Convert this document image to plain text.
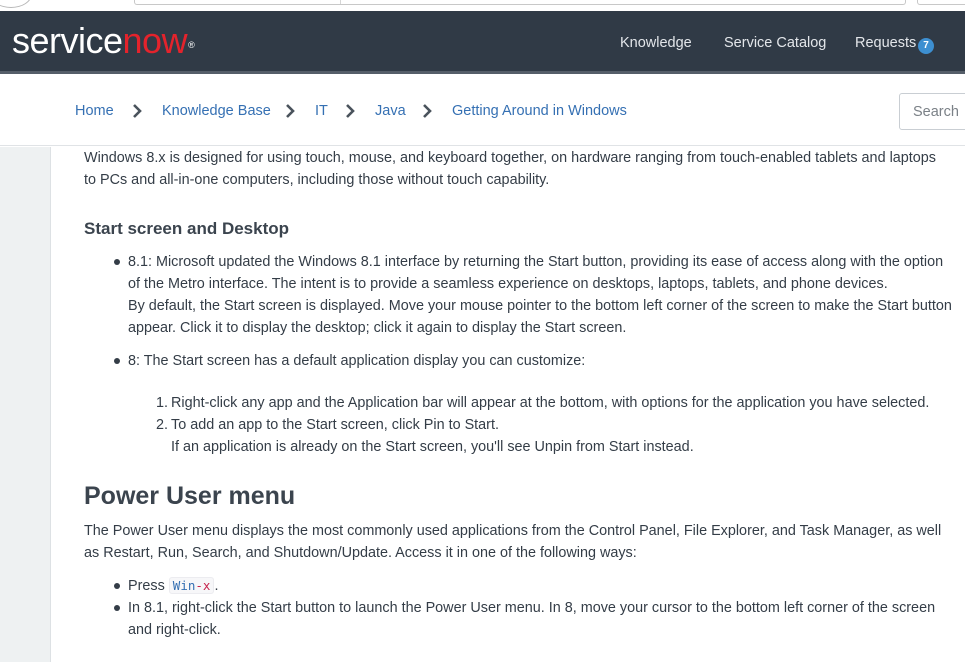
servicenow®	Knowledge Service Catalog Requests 7
Home	Knowledge Base	IT	Java	Getting Around in Windows
Search

Windows 8.x is designed for using touch, mouse, and keyboard together, on hardware ranging from touch-enabled tablets and laptops to PCs and all-in-one computers, including those without touch capability.

Start screen and Desktop
8.1: Microsoft updated the Windows 8.1 interface by returning the Start button, providing its ease of access along with the option of the Metro interface. The intent is to provide a seamless experience on desktops, laptops, tablets, and phone devices.
By default, the Start screen is displayed. Move your mouse pointer to the bottom left corner of the screen to make the Start button appear. Click it to display the desktop; click it again to display the Start screen.
8: The Start screen has a default application display you can customize:
1. Right-click any app and the Application bar will appear at the bottom, with options for the application you have selected.
2. To add an app to the Start screen, click Pin to Start.
If an application is already on the Start screen, you'll see Unpin from Start instead.
Power User menu

The Power User menu displays the most commonly used applications from the Control Panel, File Explorer, and Task Manager, as well as Restart, Run, Search, and Shutdown/Update. Access it in one of the following ways:

Press Win-x .
In 8.1, right-click the Start button to launch the Power User menu. In 8, move your cursor to the bottom left corner of the screen and right-click.
